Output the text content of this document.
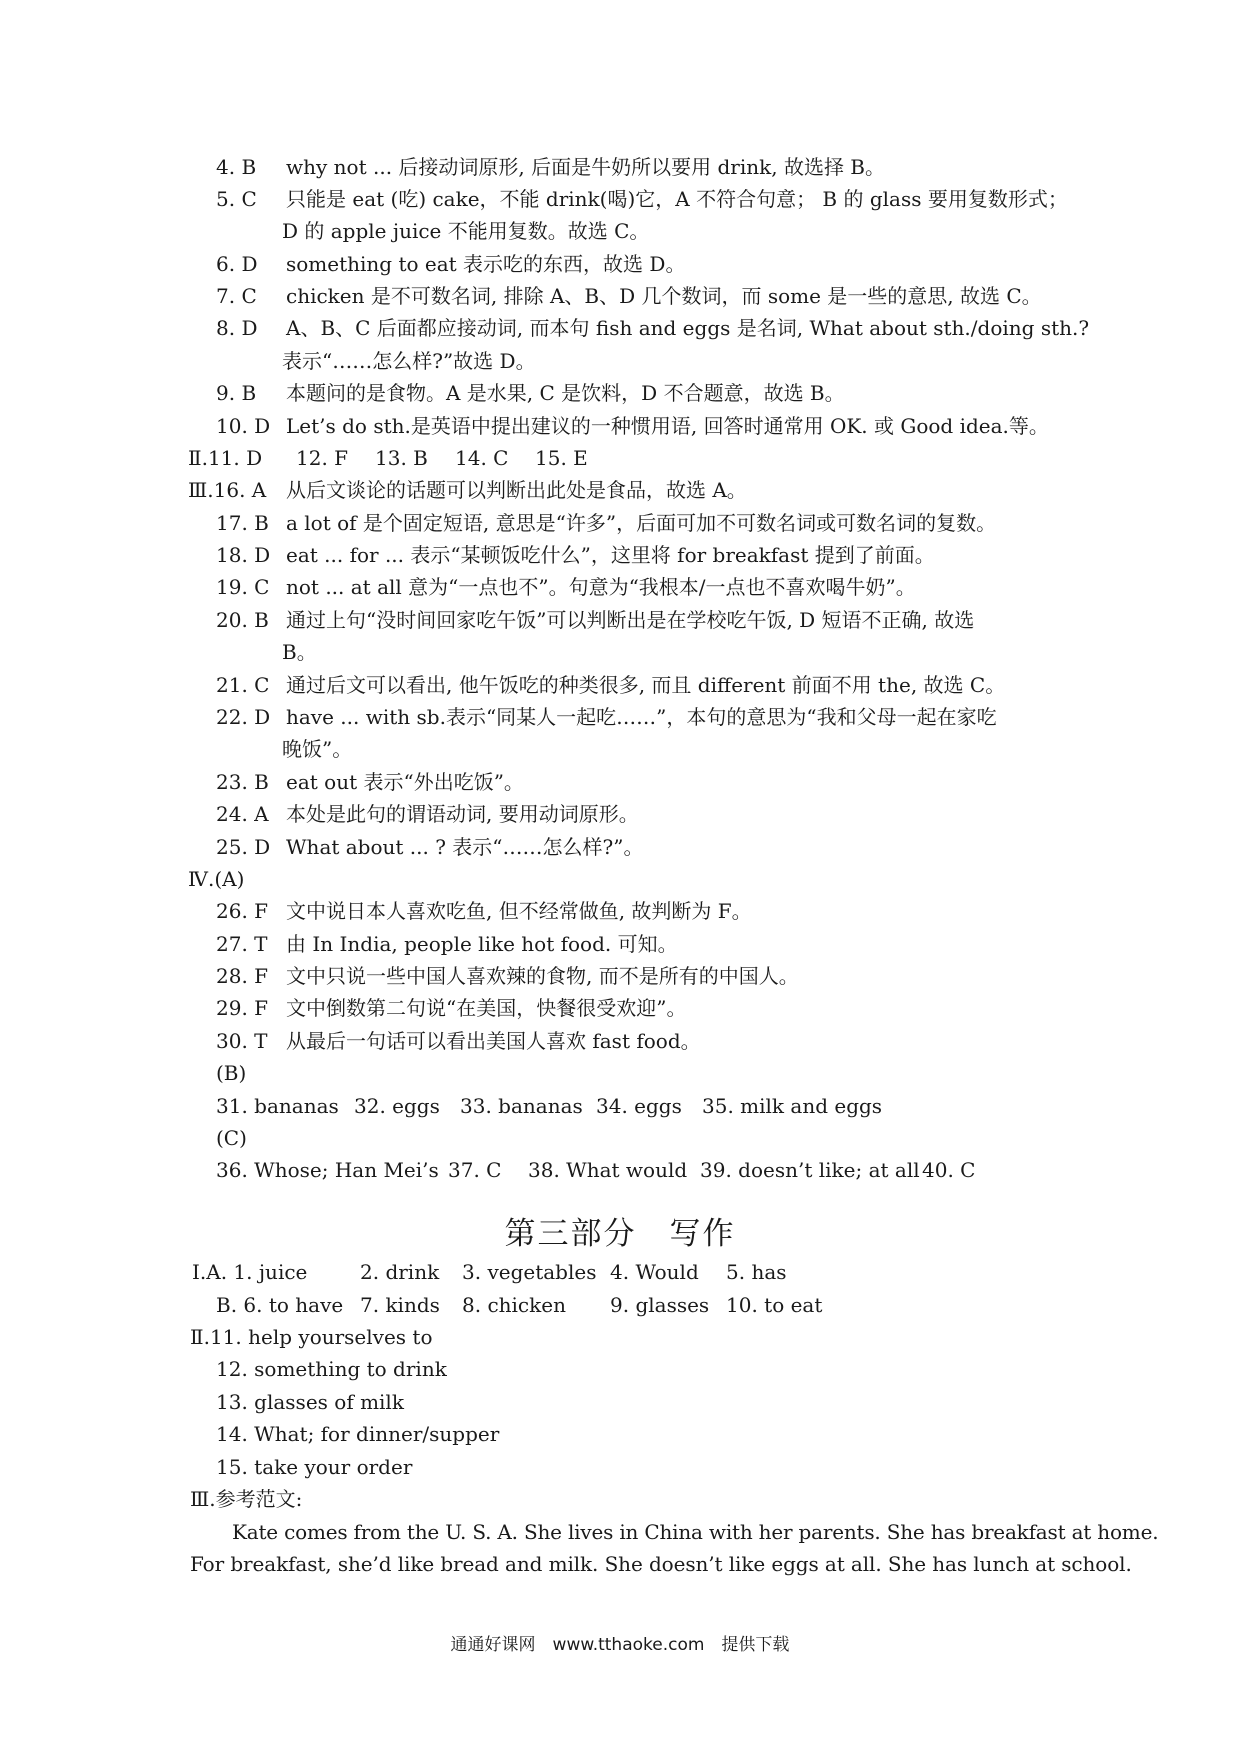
4. B why not ... 后接动词原形, 后面是牛奶所以要用 drink, 故选择 B。
5. C 只能是 eat (吃) cake，不能 drink(喝)它，A 不符合句意； B 的 glass 要用复数形式；
D 的 apple juice 不能用复数。故选 C。
6. D something to eat 表示吃的东西，故选 D。
7. C chicken 是不可数名词, 排除 A、B、D 几个数词，而 some 是一些的意思, 故选 C。
8. D A、B、C 后面都应接动词, 而本句 fish and eggs 是名词, What about sth./doing sth.?
表示“……怎么样?”故选 D。
9. B 本题问的是食物。A 是水果, C 是饮料，D 不合题意，故选 B。
10. D Let’s do sth.是英语中提出建议的一种惯用语, 回答时通常用 OK. 或 Good idea.等。
Ⅱ.11. D 12. F 13. B 14. C 15. E
Ⅲ.16. A 从后文谈论的话题可以判断出此处是食品，故选 A。
17. B a lot of 是个固定短语, 意思是“许多”，后面可加不可数名词或可数名词的复数。
18. D eat ... for ... 表示“某顿饭吃什么”，这里将 for breakfast 提到了前面。
19. C not ... at all 意为“一点也不”。句意为“我根本/一点也不喜欢喝牛奶”。
20. B 通过上句“没时间回家吃午饭”可以判断出是在学校吃午饭, D 短语不正确, 故选
B。
21. C 通过后文可以看出, 他午饭吃的种类很多, 而且 different 前面不用 the, 故选 C。
22. D have ... with sb.表示“同某人一起吃……”，本句的意思为“我和父母一起在家吃
晚饭”。
23. B eat out 表示“外出吃饭”。
24. A 本处是此句的谓语动词, 要用动词原形。
25. D What about ... ? 表示“……怎么样?”。
Ⅳ.(A)
26. F 文中说日本人喜欢吃鱼, 但不经常做鱼, 故判断为 F。
27. T 由 In India, people like hot food. 可知。
28. F 文中只说一些中国人喜欢辣的食物, 而不是所有的中国人。
29. F 文中倒数第二句说“在美国，快餐很受欢迎”。
30. T 从最后一句话可以看出美国人喜欢 fast food。
(B)
31. bananas 32. eggs 33. bananas 34. eggs 35. milk and eggs
(C)
36. Whose; Han Mei’s 37. C 38. What would 39. doesn’t like; at all 40. C
第三部分　写作
Ⅰ.A. 1. juice	2. drink 3. vegetables 4. Would 5. has
B. 6. to have 7. kinds 8. chicken 9. glasses 10. to eat
Ⅱ.11. help yourselves to
12. something to drink
13. glasses of milk
14. What; for dinner/supper
15. take your order
Ⅲ.参考范文:
Kate comes from the U. S. A. She lives in China with her parents. She has breakfast at home.
For breakfast, she’d like bread and milk. She doesn’t like eggs at all. She has lunch at school.
通通好课网　www.tthaoke.com　提供下载
